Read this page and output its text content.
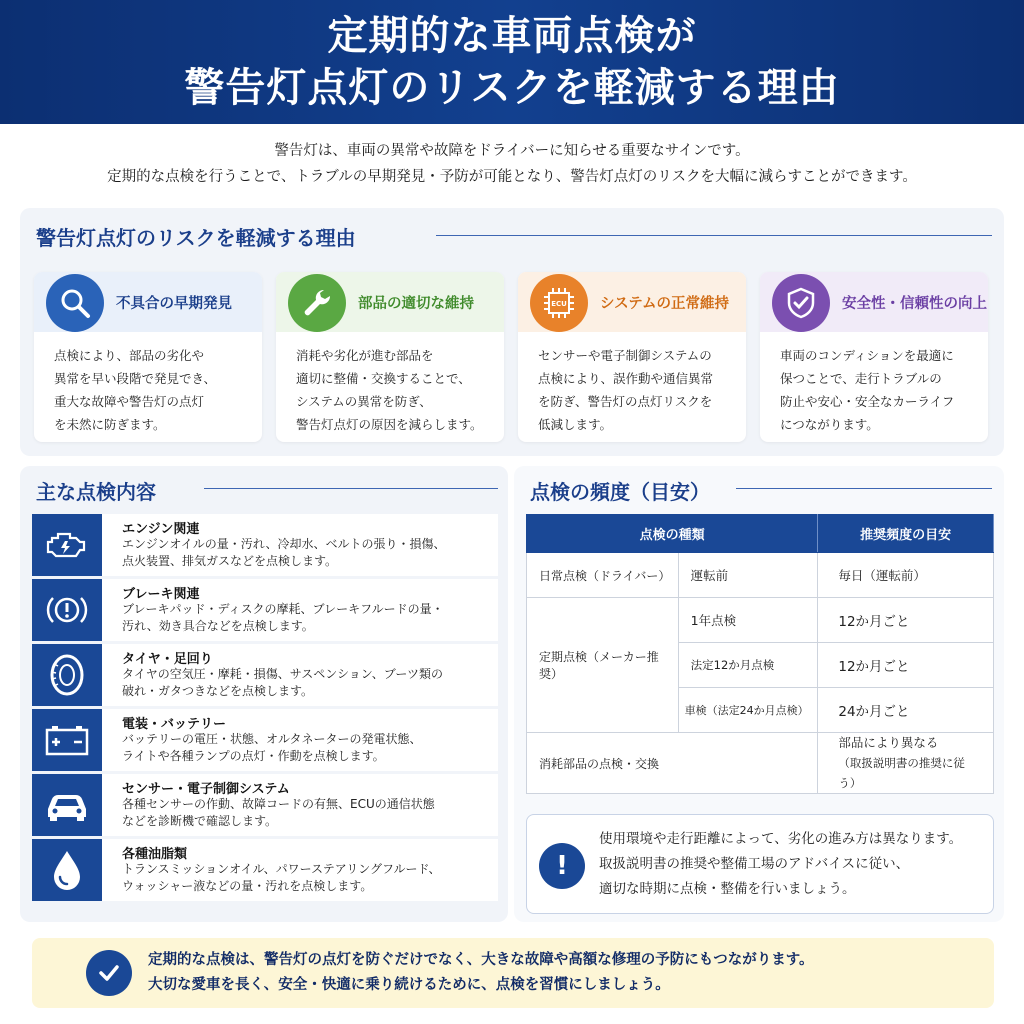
定期的な車両点検が
警告灯点灯のリスクを軽減する理由
警告灯は、車両の異常や故障をドライバーに知らせる重要なサインです。
定期的な点検を行うことで、トラブルの早期発見・予防が可能となり、警告灯点灯のリスクを大幅に減らすことができます。
警告灯点灯のリスクを軽減する理由
不具合の早期発見
点検により、部品の劣化や
異常を早い段階で発見でき、
重大な故障や警告灯の点灯
を未然に防ぎます。
部品の適切な維持
消耗や劣化が進む部品を
適切に整備・交換することで、
システムの異常を防ぎ、
警告灯点灯の原因を減らします。
ECU システムの正常維持
センサーや電子制御システムの
点検により、誤作動や通信異常
を防ぎ、警告灯の点灯リスクを
低減します。
安全性・信頼性の向上
車両のコンディションを最適に
保つことで、走行トラブルの
防止や安心・安全なカーライフ
につながります。
主な点検内容
エンジン関連
エンジンオイルの量・汚れ、冷却水、ベルトの張り・損傷、
点火装置、排気ガスなどを点検します。
ブレーキ関連
ブレーキパッド・ディスクの摩耗、ブレーキフルードの量・
汚れ、効き具合などを点検します。
タイヤ・足回り
タイヤの空気圧・摩耗・損傷、サスペンション、ブーツ類の
破れ・ガタつきなどを点検します。
電装・バッテリー
バッテリーの電圧・状態、オルタネーターの発電状態、
ライトや各種ランプの点灯・作動を点検します。
センサー・電子制御システム
各種センサーの作動、故障コードの有無、ECUの通信状態
などを診断機で確認します。
各種油脂類
トランスミッションオイル、パワーステアリングフルード、
ウォッシャー液などの量・汚れを点検します。
点検の頻度（目安）
点検の種類		推奨頻度の目安
日常点検（ドライバー）	運転前	毎日（運転前）
定期点検（メーカー推奨）	1年点検	12か月ごと
	法定12か月点検	12か月ごと
	車検（法定24か月点検）	24か月ごと
消耗部品の点検・交換		部品により異なる
（取扱説明書の推奨に従う）
!
使用環境や走行距離によって、劣化の進み方は異なります。
取扱説明書の推奨や整備工場のアドバイスに従い、
適切な時期に点検・整備を行いましょう。
定期的な点検は、警告灯の点灯を防ぐだけでなく、大きな故障や高額な修理の予防にもつながります。
大切な愛車を長く、安全・快適に乗り続けるために、点検を習慣にしましょう。
